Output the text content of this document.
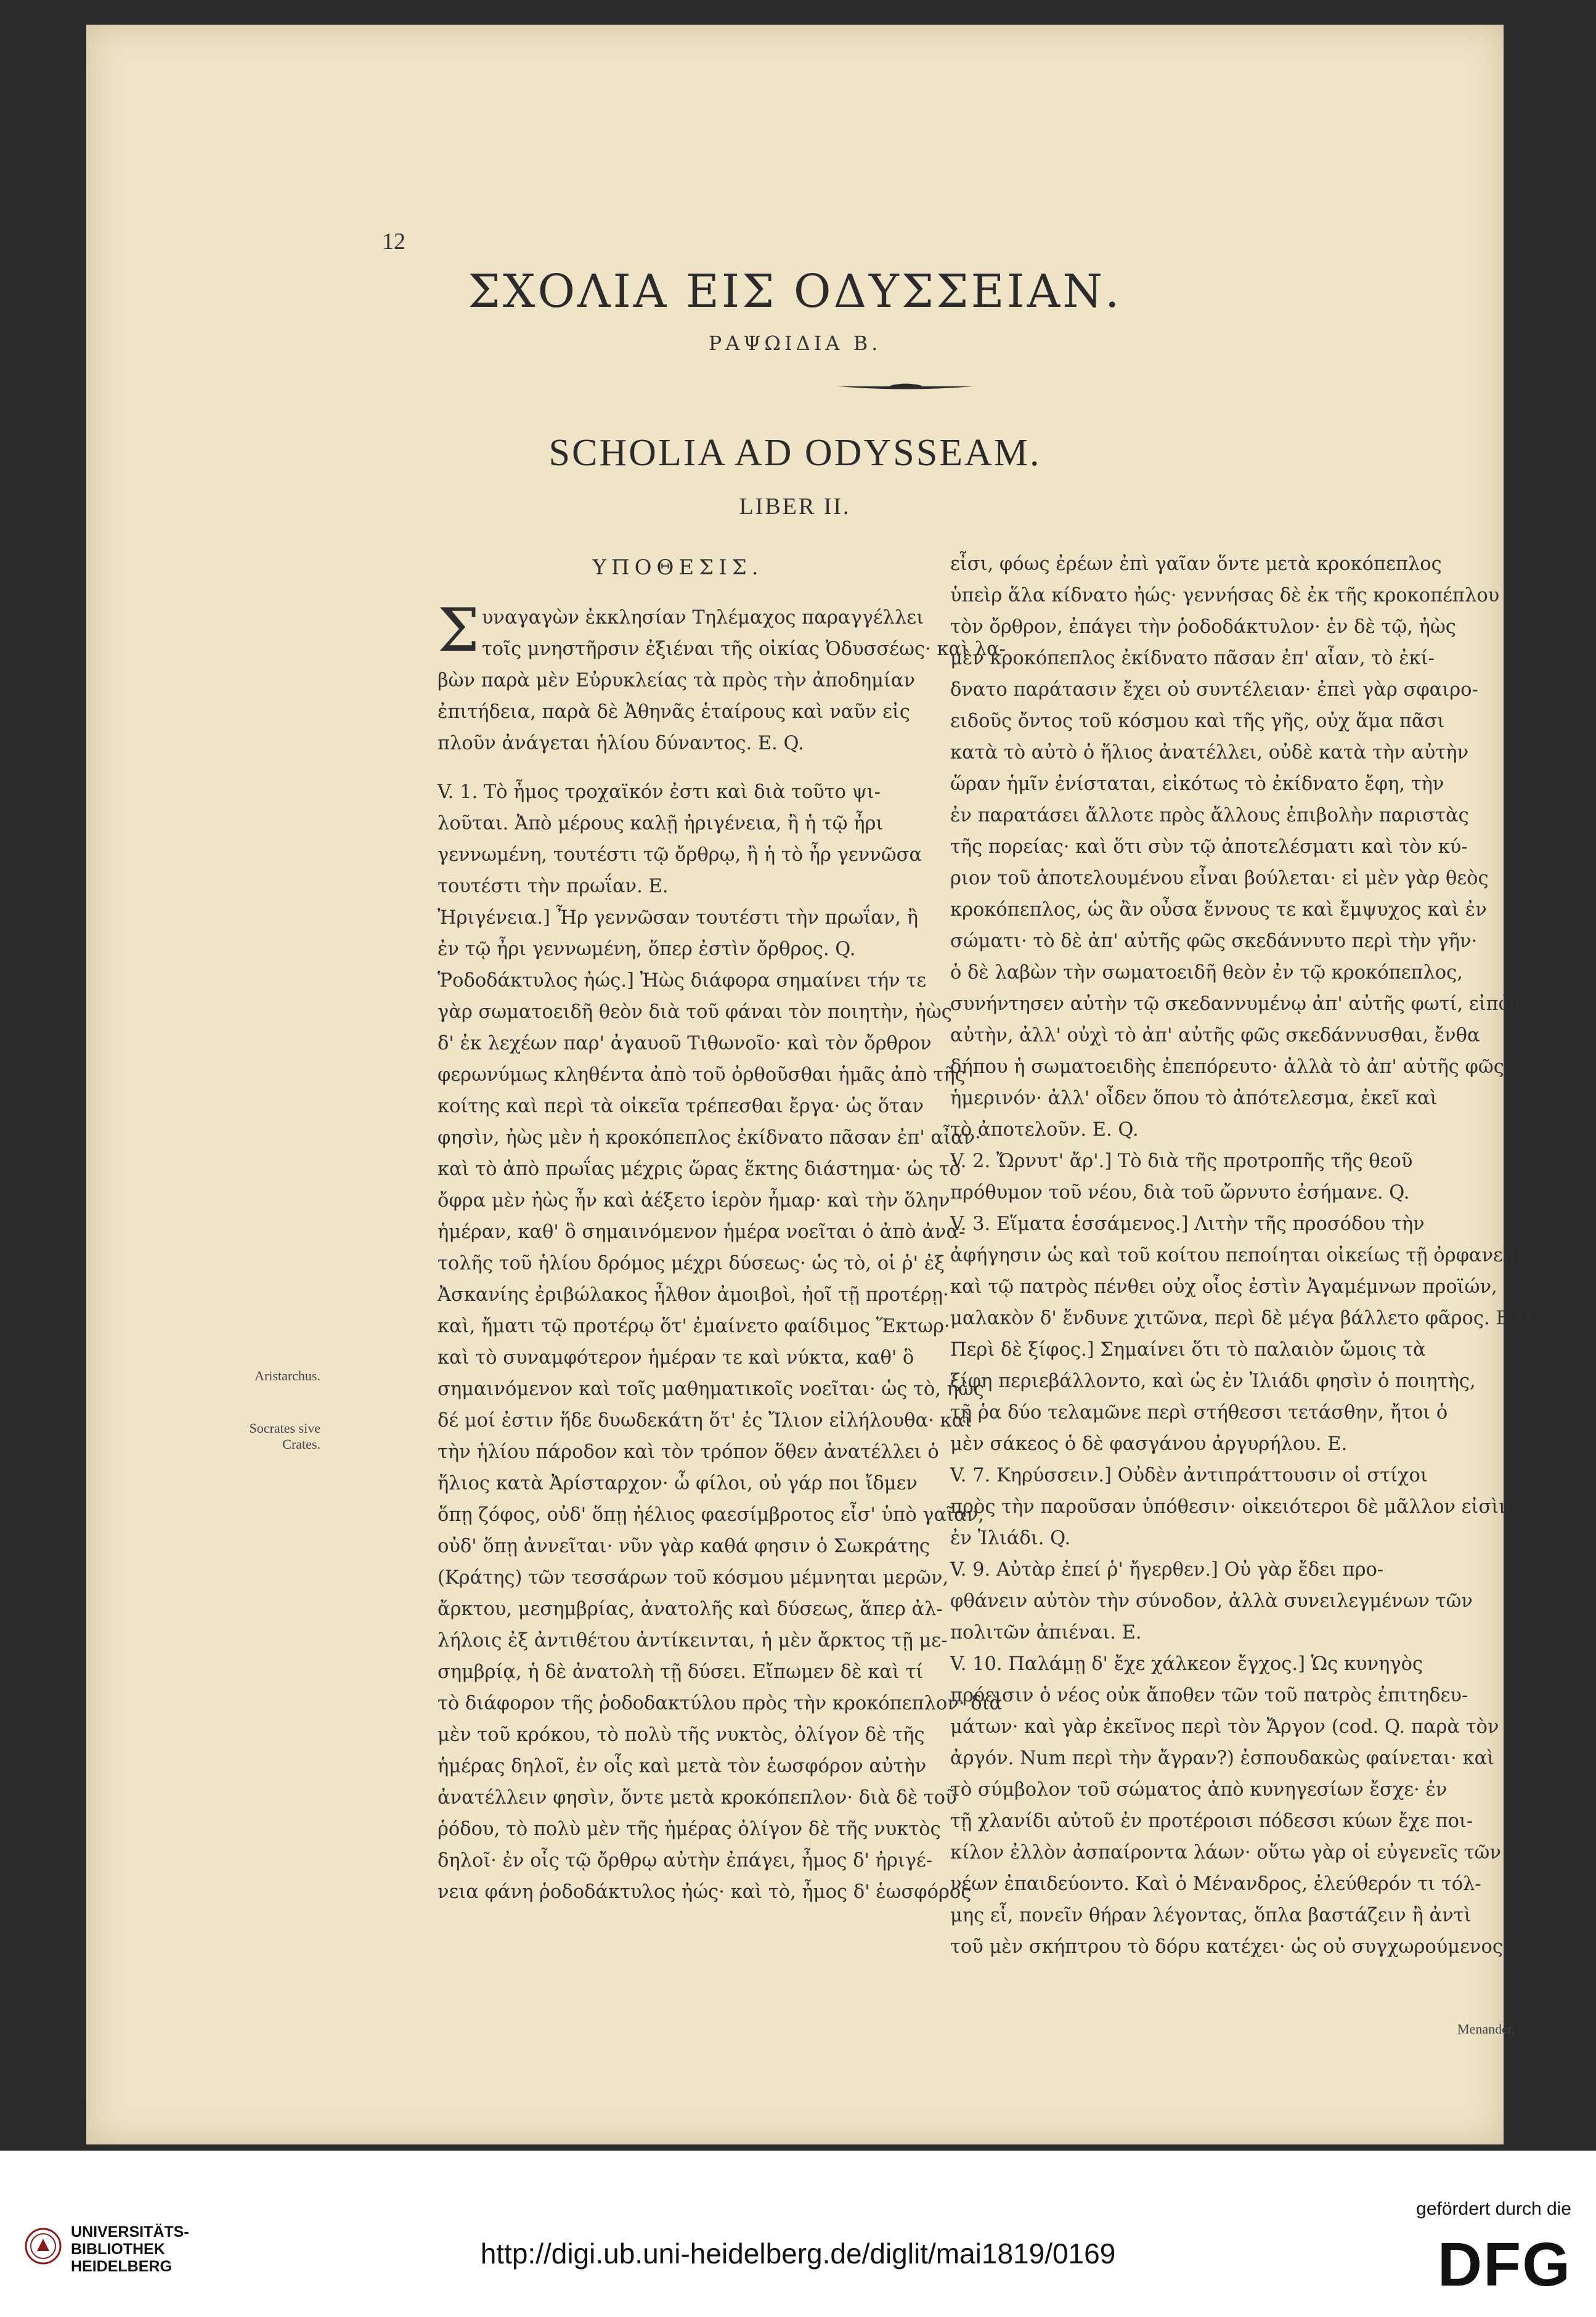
12
ΣΧΟΛΙΑ ΕΙΣ ΟΔΥΣΣΕΙΑΝ.
ΡΑΨΩΙΔΙΑ Β.
SCHOLIA AD ODYSSEAM.
LIBER II.
ΥΠΟΘΕΣΙΣ.
Σ υναγαγὼν ἐκκλησίαν Τηλέμαχος παραγγέλλει
τοῖς μνηστῆρσιν ἐξιέναι τῆς οἰκίας Ὀδυσσέως· καὶ λα-
βὼν παρὰ μὲν Εὐρυκλείας τὰ πρὸς τὴν ἀποδημίαν
ἐπιτήδεια, παρὰ δὲ Ἀθηνᾶς ἑταίρους καὶ ναῦν εἰς
πλοῦν ἀνάγεται ἡλίου δύναντος. E. Q.
V. 1. Τὸ ἦμος τροχαϊκόν ἐστι καὶ διὰ τοῦτο ψι-
λοῦται. Ἀπὸ μέρους καλῇ ἠριγένεια, ἢ ἡ τῷ ἦρι
γεννωμένη, τουτέστι τῷ ὄρθρῳ, ἢ ἡ τὸ ἦρ γεννῶσα
τουτέστι τὴν πρωΐαν. E.
Ἠριγένεια.] Ἦρ γεννῶσαν τουτέστι τὴν πρωΐαν, ἢ
ἐν τῷ ἦρι γεννωμένη, ὅπερ ἐστὶν ὄρθρος. Q.
Ῥοδοδάκτυλος ἠώς.] Ἠὼς διάφορα σημαίνει τήν τε
γὰρ σωματοειδῆ θεὸν διὰ τοῦ φάναι τὸν ποιητὴν, ἠὼς
δ' ἐκ λεχέων παρ' ἀγαυοῦ Τιθωνοῖο· καὶ τὸν ὄρθρον
φερωνύμως κληθέντα ἀπὸ τοῦ ὀρθοῦσθαι ἡμᾶς ἀπὸ τῆς
κοίτης καὶ περὶ τὰ οἰκεῖα τρέπεσθαι ἔργα· ὡς ὅταν
φησὶν, ἠὼς μὲν ἡ κροκόπεπλος ἐκίδνατο πᾶσαν ἐπ' αἶαν·
καὶ τὸ ἀπὸ πρωΐας μέχρις ὥρας ἕκτης διάστημα· ὡς τὸ
ὄφρα μὲν ἠὼς ἦν καὶ ἀέξετο ἱερὸν ἦμαρ· καὶ τὴν ὅλην
ἡμέραν, καθ' ὃ σημαινόμενον ἡμέρα νοεῖται ὁ ἀπὸ ἀνα-
τολῆς τοῦ ἡλίου δρόμος μέχρι δύσεως· ὡς τὸ, οἱ ῥ' ἐξ
Ἀσκανίης ἐριβώλακος ἦλθον ἀμοιβοὶ, ἠοῖ τῇ προτέρῃ·
καὶ, ἤματι τῷ προτέρῳ ὅτ' ἐμαίνετο φαίδιμος Ἕκτωρ·
καὶ τὸ συναμφότερον ἡμέραν τε καὶ νύκτα, καθ' ὃ
σημαινόμενον καὶ τοῖς μαθηματικοῖς νοεῖται· ὡς τὸ, ἠὼς
δέ μοί ἐστιν ἥδε δυωδεκάτη ὅτ' ἐς Ἴλιον εἰλήλουθα· καὶ
τὴν ἡλίου πάροδον καὶ τὸν τρόπον ὅθεν ἀνατέλλει ὁ
ἥλιος κατὰ Ἀρίσταρχον· ὦ φίλοι, οὐ γάρ ποι ἴδμεν
ὅπῃ ζόφος, οὐδ' ὅπῃ ἠέλιος φαεσίμβροτος εἶσ' ὑπὸ γαῖαν,
οὐδ' ὅπῃ ἀννεῖται· νῦν γὰρ καθά φησιν ὁ Σωκράτης
(Κράτης) τῶν τεσσάρων τοῦ κόσμου μέμνηται μερῶν,
ἄρκτου, μεσημβρίας, ἀνατολῆς καὶ δύσεως, ἅπερ ἀλ-
λήλοις ἐξ ἀντιθέτου ἀντίκεινται, ἡ μὲν ἄρκτος τῇ με-
σημβρίᾳ, ἡ δὲ ἀνατολὴ τῇ δύσει. Εἴπωμεν δὲ καὶ τί
τὸ διάφορον τῆς ῥοδοδακτύλου πρὸς τὴν κροκόπεπλον· διὰ
μὲν τοῦ κρόκου, τὸ πολὺ τῆς νυκτὸς, ὀλίγον δὲ τῆς
ἡμέρας δηλοῖ, ἐν οἷς καὶ μετὰ τὸν ἑωσφόρον αὐτὴν
ἀνατέλλειν φησὶν, ὅντε μετὰ κροκόπεπλον· διὰ δὲ τοῦ
ῥόδου, τὸ πολὺ μὲν τῆς ἡμέρας ὀλίγον δὲ τῆς νυκτὸς
δηλοῖ· ἐν οἷς τῷ ὄρθρῳ αὐτὴν ἐπάγει, ἦμος δ' ἠριγέ-
νεια φάνη ῥοδοδάκτυλος ἠώς· καὶ τὸ, ἦμος δ' ἑωσφόρος
εἶσι, φόως ἐρέων ἐπὶ γαῖαν ὅντε μετὰ κροκόπεπλος
ὑπεὶρ ἅλα κίδνατο ἠώς· γεννήσας δὲ ἐκ τῆς κροκοπέπλου
τὸν ὄρθρον, ἐπάγει τὴν ῥοδοδάκτυλον· ἐν δὲ τῷ, ἠὼς
μὲν κροκόπεπλος ἐκίδνατο πᾶσαν ἐπ' αἶαν, τὸ ἐκί-
δνατο παράτασιν ἔχει οὐ συντέλειαν· ἐπεὶ γὰρ σφαιρο-
ειδοῦς ὄντος τοῦ κόσμου καὶ τῆς γῆς, οὐχ ἅμα πᾶσι
κατὰ τὸ αὐτὸ ὁ ἥλιος ἀνατέλλει, οὐδὲ κατὰ τὴν αὐτὴν
ὥραν ἡμῖν ἐνίσταται, εἰκότως τὸ ἐκίδνατο ἔφη, τὴν
ἐν παρατάσει ἄλλοτε πρὸς ἄλλους ἐπιβολὴν παριστὰς
τῆς πορείας· καὶ ὅτι σὺν τῷ ἀποτελέσματι καὶ τὸν κύ-
ριον τοῦ ἀποτελουμένου εἶναι βούλεται· εἰ μὲν γὰρ θεὸς
κροκόπεπλος, ὡς ἂν οὖσα ἔννους τε καὶ ἔμψυχος καὶ ἐν
σώματι· τὸ δὲ ἀπ' αὐτῆς φῶς σκεδάννυτο περὶ τὴν γῆν·
ὁ δὲ λαβὼν τὴν σωματοειδῆ θεὸν ἐν τῷ κροκόπεπλος,
συνήντησεν αὐτὴν τῷ σκεδαννυμένῳ ἀπ' αὐτῆς φωτί, εἰπὼν
αὐτὴν, ἀλλ' οὐχὶ τὸ ἀπ' αὐτῆς φῶς σκεδάννυσθαι, ἔνθα
δήπου ἡ σωματοειδὴς ἐπεπόρευτο· ἀλλὰ τὸ ἀπ' αὐτῆς φῶς
ἡμερινόν· ἀλλ' οἶδεν ὅπου τὸ ἀπότελεσμα, ἐκεῖ καὶ
τὸ ἀποτελοῦν. E. Q.
V. 2. Ὤρνυτ' ἄρ'.] Τὸ διὰ τῆς προτροπῆς τῆς θεοῦ
πρόθυμον τοῦ νέου, διὰ τοῦ ὤρνυτο ἐσήμανε. Q.
V. 3. Εἵματα ἑσσάμενος.] Λιτὴν τῆς προσόδου τὴν
ἀφήγησιν ὡς καὶ τοῦ κοίτου πεποίηται οἰκείως τῇ ὀρφανείᾳ
καὶ τῷ πατρὸς πένθει οὐχ οἷος ἐστὶν Ἀγαμέμνων προϊών,
μαλακὸν δ' ἔνδυνε χιτῶνα, περὶ δὲ μέγα βάλλετο φᾶρος. B.Q.
Περὶ δὲ ξίφος.] Σημαίνει ὅτι τὸ παλαιὸν ὤμοις τὰ
ξίφη περιεβάλλοντο, καὶ ὡς ἐν Ἰλιάδι φησὶν ὁ ποιητὴς,
τῇ ῥα δύο τελαμῶνε περὶ στήθεσσι τετάσθην, ἤτοι ὁ
μὲν σάκεος ὁ δὲ φασγάνου ἀργυρήλου. E.
V. 7. Κηρύσσειν.] Οὐδὲν ἀντιπράττουσιν οἱ στίχοι
πρὸς τὴν παροῦσαν ὑπόθεσιν· οἰκειότεροι δὲ μᾶλλον εἰσὶν
ἐν Ἰλιάδι. Q.
V. 9. Αὐτὰρ ἐπεί ῥ' ἤγερθεν.] Οὐ γὰρ ἔδει προ-
φθάνειν αὐτὸν τὴν σύνοδον, ἀλλὰ συνειλεγμένων τῶν
πολιτῶν ἀπιέναι. E.
V. 10. Παλάμῃ δ' ἔχε χάλκεον ἔγχος.] Ὡς κυνηγὸς
πρόεισιν ὁ νέος οὐκ ἄποθεν τῶν τοῦ πατρὸς ἐπιτηδευ-
μάτων· καὶ γὰρ ἐκεῖνος περὶ τὸν Ἄργον (cod. Q. παρὰ τὸν
ἀργόν. Num περὶ τὴν ἄγραν?) ἐσπουδακὼς φαίνεται· καὶ
τὸ σύμβολον τοῦ σώματος ἀπὸ κυνηγεσίων ἔσχε· ἐν
τῇ χλανίδι αὐτοῦ ἐν προτέροισι πόδεσσι κύων ἔχε ποι-
κίλον ἐλλὸν ἀσπαίροντα λάων· οὕτω γὰρ οἱ εὐγενεῖς τῶν
νέων ἐπαιδεύοντο. Καὶ ὁ Μένανδρος, ἐλεύθερόν τι τόλ-
μης εἶ, πονεῖν θήραν λέγοντας, ὅπλα βαστάζειν ἢ ἀντὶ
τοῦ μὲν σκήπτρου τὸ δόρυ κατέχει· ὡς οὐ συγχωρούμενος
Aristarchus.
Socrates sive Crates.
Menander.
UNIVERSITÄTS-
BIBLIOTHEK
HEIDELBERG	http://digi.ub.uni-heidelberg.de/diglit/mai1819/0169
gefördert durch die
DFG
